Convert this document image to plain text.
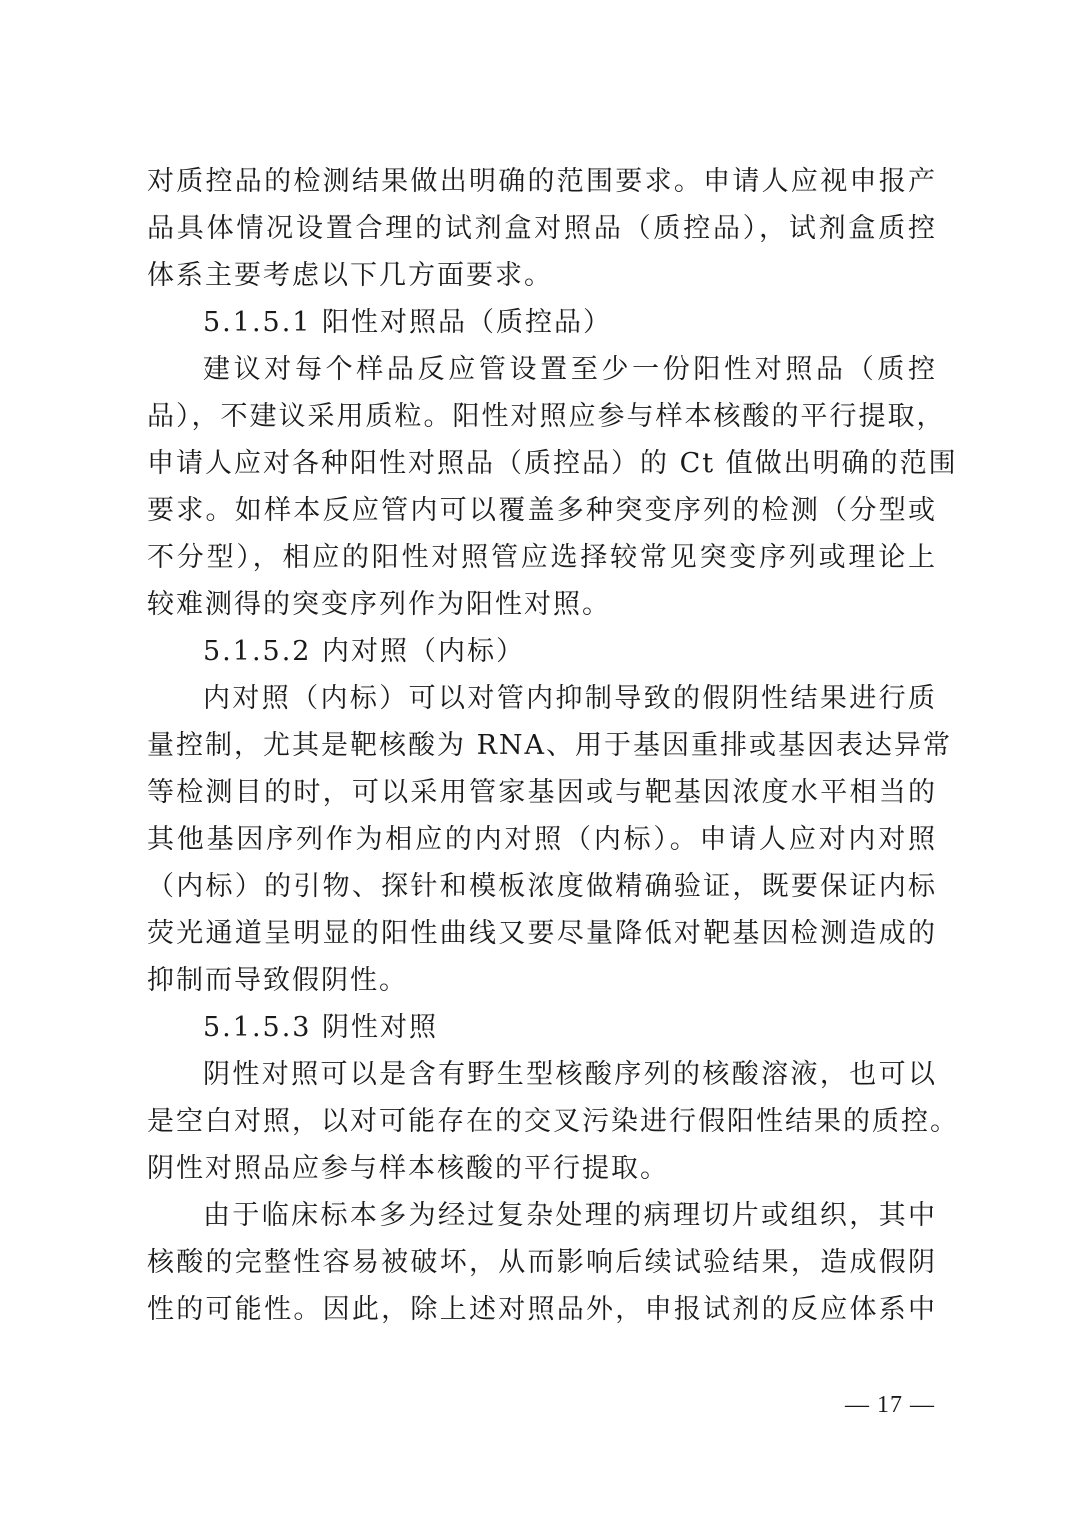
对质控品的检测结果做出明确的范围要求。申请人应视申报产
品具体情况设置合理的试剂盒对照品（质控品），试剂盒质控
体系主要考虑以下几方面要求。
5.1.5.1 阳性对照品（质控品）
建议对每个样品反应管设置至少一份阳性对照品（质控
品），不建议采用质粒。阳性对照应参与样本核酸的平行提取，
申请人应对各种阳性对照品（质控品）的 Ct 值做出明确的范围
要求。如样本反应管内可以覆盖多种突变序列的检测（分型或
不分型），相应的阳性对照管应选择较常见突变序列或理论上
较难测得的突变序列作为阳性对照。
5.1.5.2 内对照（内标）
内对照（内标）可以对管内抑制导致的假阴性结果进行质
量控制，尤其是靶核酸为 RNA、用于基因重排或基因表达异常
等检测目的时，可以采用管家基因或与靶基因浓度水平相当的
其他基因序列作为相应的内对照（内标）。申请人应对内对照
（内标）的引物、探针和模板浓度做精确验证，既要保证内标
荧光通道呈明显的阳性曲线又要尽量降低对靶基因检测造成的
抑制而导致假阴性。
5.1.5.3 阴性对照
阴性对照可以是含有野生型核酸序列的核酸溶液，也可以
是空白对照，以对可能存在的交叉污染进行假阳性结果的质控。
阴性对照品应参与样本核酸的平行提取。
由于临床标本多为经过复杂处理的病理切片或组织，其中
核酸的完整性容易被破坏，从而影响后续试验结果，造成假阴
性的可能性。因此，除上述对照品外，申报试剂的反应体系中
— 17 —
